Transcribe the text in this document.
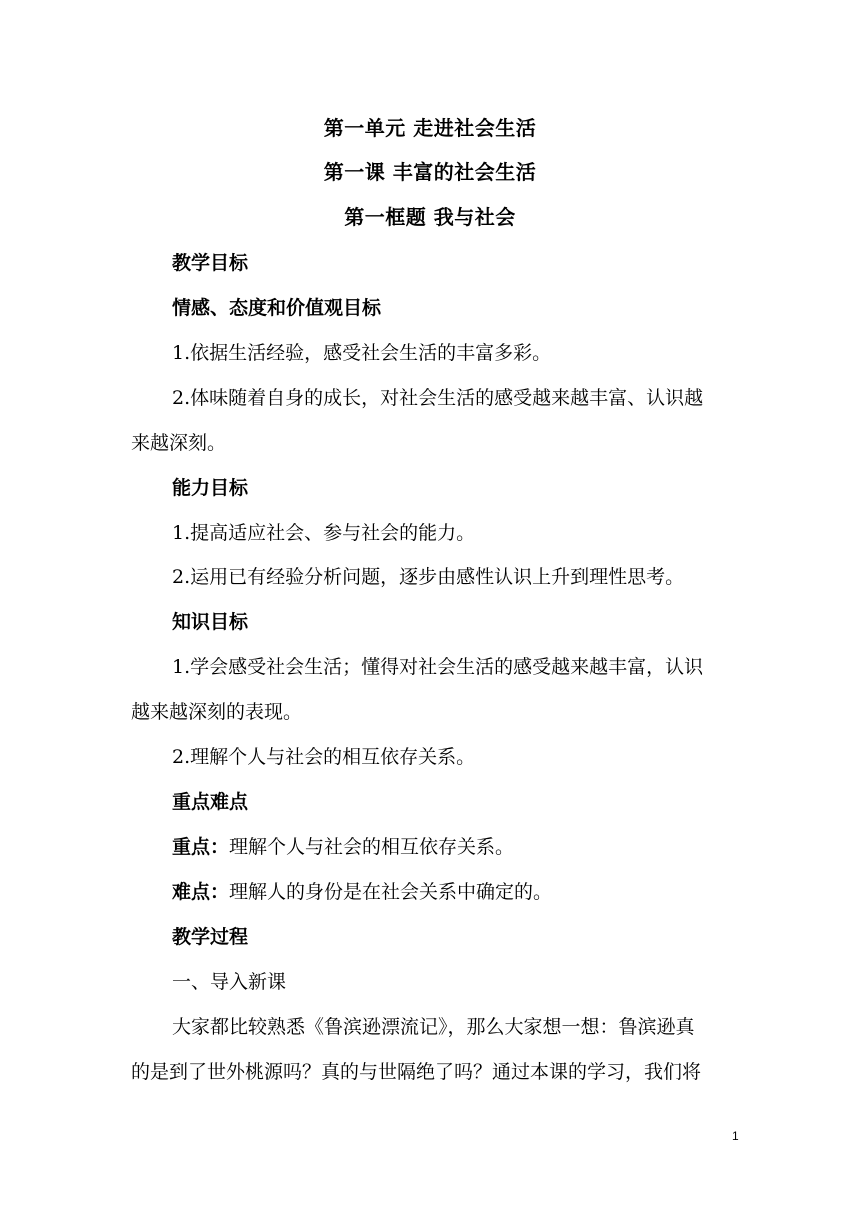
第一单元 走进社会生活
第一课 丰富的社会生活
第一框题 我与社会
教学目标
情感、态度和价值观目标
1.依据生活经验，感受社会生活的丰富多彩。
2.体味随着自身的成长，对社会生活的感受越来越丰富、认识越
来越深刻。
能力目标
1.提高适应社会、参与社会的能力。
2.运用已有经验分析问题，逐步由感性认识上升到理性思考。
知识目标
1.学会感受社会生活；懂得对社会生活的感受越来越丰富，认识
越来越深刻的表现。
2.理解个人与社会的相互依存关系。
重点难点
重点：理解个人与社会的相互依存关系。
难点：理解人的身份是在社会关系中确定的。
教学过程
一、导入新课
大家都比较熟悉《鲁滨逊漂流记》，那么大家想一想：鲁滨逊真
的是到了世外桃源吗？真的与世隔绝了吗？通过本课的学习，我们将
1
